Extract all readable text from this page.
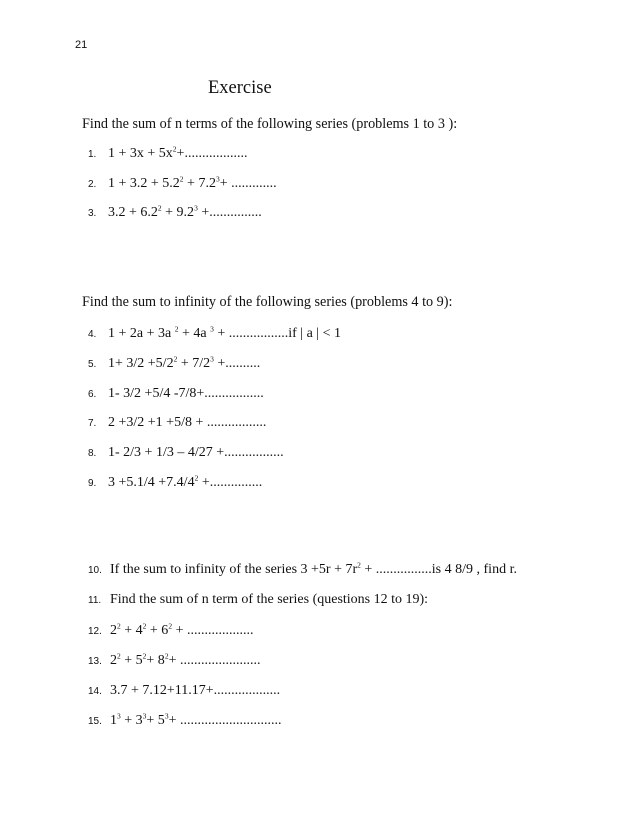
21
Exercise
Find the sum of n terms of the following series (problems 1 to 3 ):
Find the sum to infinity of the following series (problems 4 to 9):
1. $1 + 3x + 5x^2+$..................
2. $1 + 3.2 + 5.2^2 + 7.2^3+$ .............
3. $3.2 + 6.2^2 + 9.2^3$ +...............
4. 1 + 2a + 3a $^2$ + 4a $^3$ + .................if | a | < 1
5. $1+ 3/2 +5/2^2 + 7/2^3$ +..........
6. 1- 3/2 +5/4 -7/8+.................
7. 2 +3/2 +1 +5/8 + .................
8. 1- 2/3 + 1/3 – 4/27 +.................
9. $3 +5.1/4 +7.4/4^2$ +...............
10. If the sum to infinity of the series $3 +5r + 7r^2 + ................is$ 4 8/9 , find r.
11. Find the sum of n term of the series (questions 12 to 19):
12. $2^2 + 4^2 + 6^2$ + ...................
13. $2^2 + 5^2+ 8^2+$ .......................
14. 3.7 + 7.12+11.17+...................
15. $1^3 + 3^3+ 5^3+$ .............................
